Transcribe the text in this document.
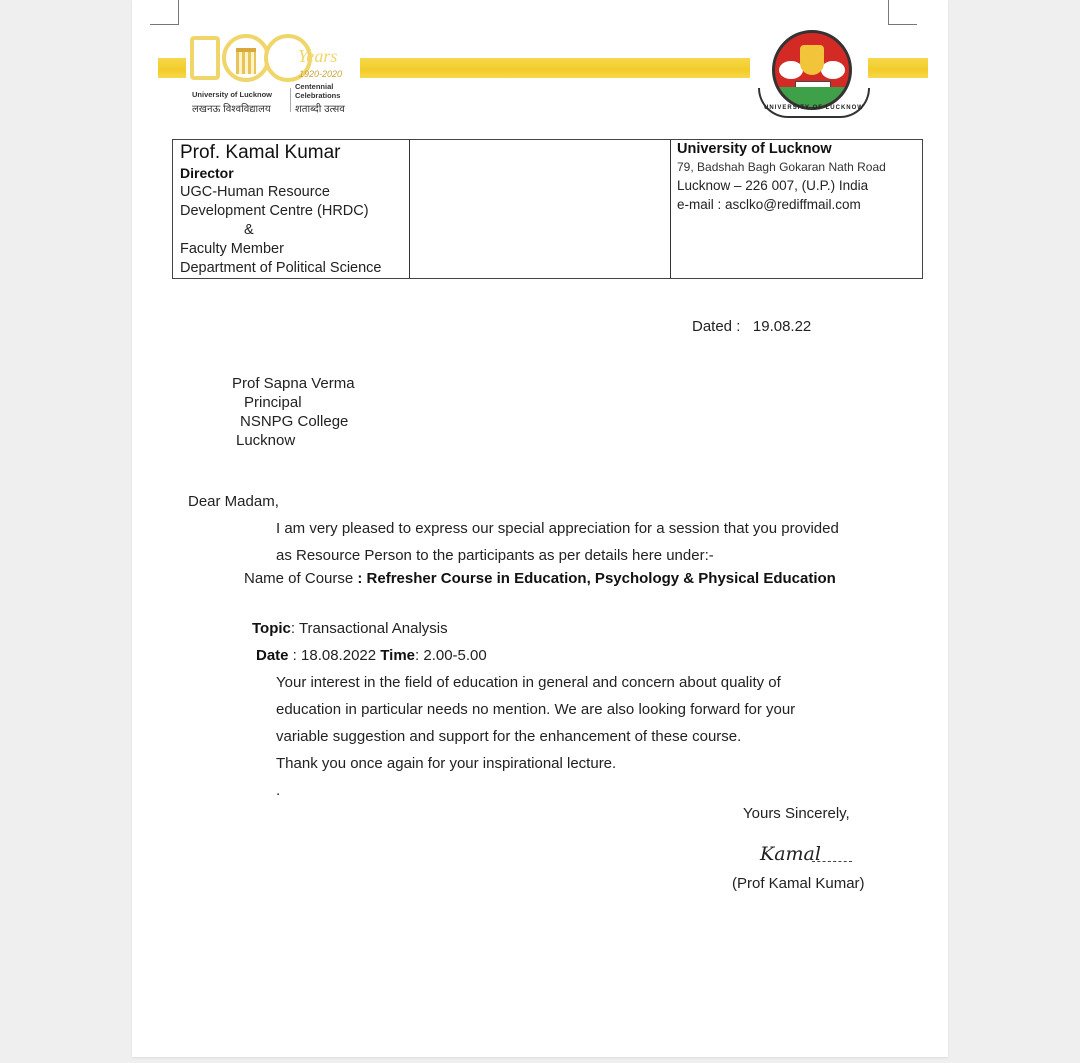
Years
1920-2020
University of Lucknow
लखनऊ विश्वविद्यालय
Centennial
Celebrations
शताब्दी उत्सव	UNIVERSITY OF LUCKNOW
Prof. Kamal Kumar
Director
UGC-Human Resource
Development Centre (HRDC)
&
Faculty Member
Department of Political Science
University of Lucknow
79, Badshah Bagh Gokaran Nath Road
Lucknow – 226 007, (U.P.) India
e-mail : asclko@rediffmail.com
Dated : 19.08.22
Prof Sapna Verma
Principal
NSNPG College
Lucknow
Dear Madam,
I am very pleased to express our special appreciation for a session that you provided
as Resource Person to the participants as per details here under:-
Name of Course : Refresher Course in Education, Psychology & Physical Education
Topic: Transactional Analysis
Date : 18.08.2022 Time: 2.00-5.00
Your interest in the field of education in general and concern about quality of
education in particular needs no mention. We are also looking forward for your
variable suggestion and support for the enhancement of these course.
Thank you once again for your inspirational lecture.
.
Yours Sincerely,
Kamal
(Prof Kamal Kumar)
